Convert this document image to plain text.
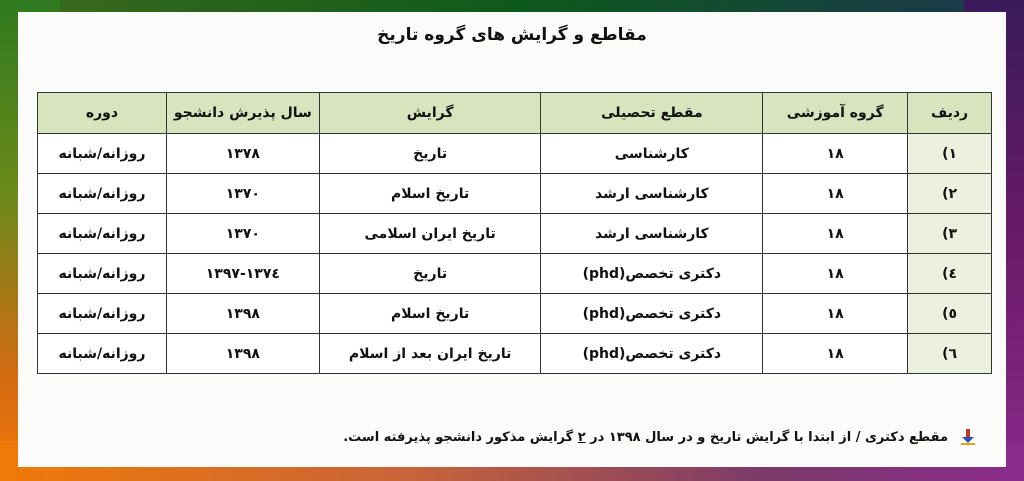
مقاطع و گرایش های گروه تاریخ
ردیف	گروه آموزشی	مقطع تحصیلی	گرایش	سال پذیرش دانشجو	دوره
۱)	۱۸	کارشناسی	تاریخ	۱۳۷۸	روزانه/شبانه
۲)	۱۸	کارشناسی ارشد	تاریخ اسلام	۱۳۷۰	روزانه/شبانه
۳)	۱۸	کارشناسی ارشد	تاریخ ایران اسلامی	۱۳۷۰	روزانه/شبانه
٤)	۱۸	دکتری تخصص(phd)	تاریخ	۱۳۷٤-۱۳۹۷	روزانه/شبانه
٥)	۱۸	دکتری تخصص(phd)	تاریخ اسلام	۱۳۹۸	روزانه/شبانه
٦)	۱۸	دکتری تخصص(phd)	تاریخ ایران بعد از اسلام	۱۳۹۸	روزانه/شبانه
مقطع دکتری / از ابتدا با گرایش تاریخ و در سال ۱۳۹۸ در ۲ گرایش مذکور دانشجو پذیرفته است.
